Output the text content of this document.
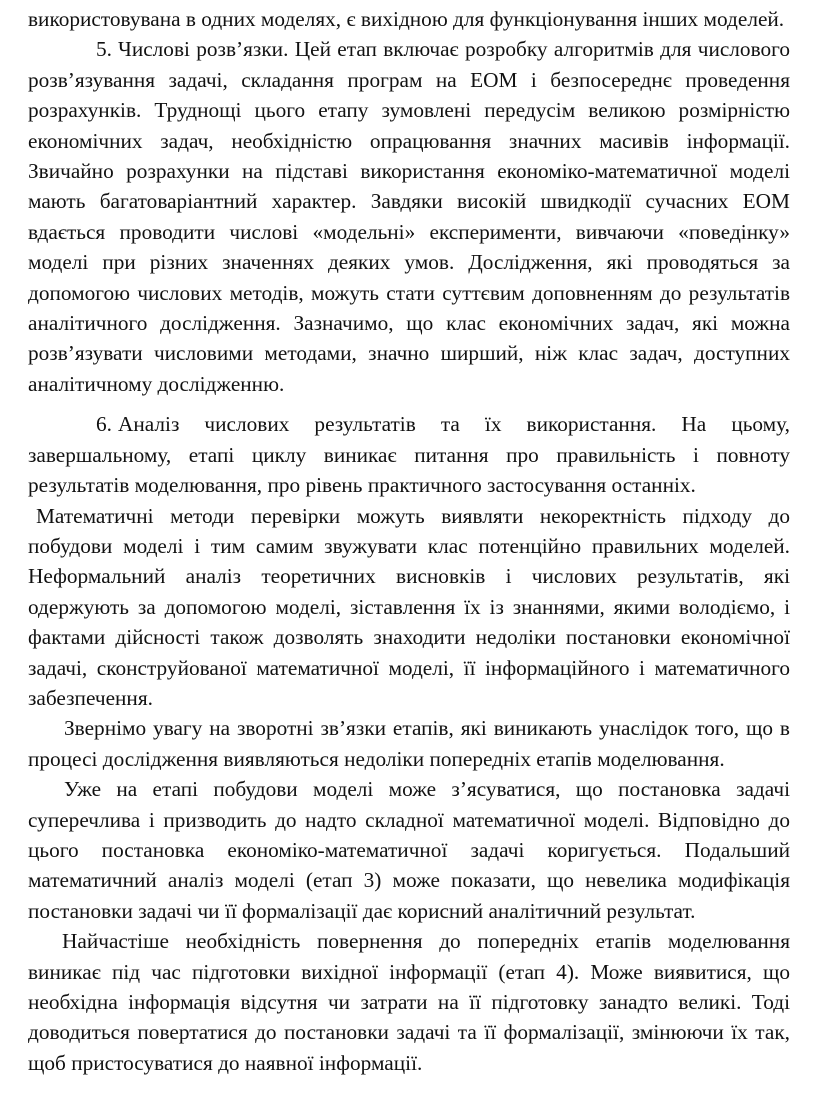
використовувана в одних моделях, є вихідною для функціонування інших моделей.

5. Числові розв’язки. Цей етап включає розробку алгоритмів для числового розв’язування задачі, складання програм на ЕОМ і безпосереднє проведення розрахунків. Труднощі цього етапу зумовлені передусім великою розмірністю економічних задач, необхідністю опрацювання значних масивів інформації. Звичайно розрахунки на підставі використання економіко-математичної моделі мають багатоваріантний характер. Завдяки високій швидкодії сучасних ЕОМ вдається проводити числові «модельні» експерименти, вивчаючи «поведінку» моделі при різних значеннях деяких умов. Дослідження, які проводяться за допомогою числових методів, можуть стати суттєвим доповненням до результатів аналітичного дослідження. Зазначимо, що клас економічних задач, які можна розв’язувати числовими методами, значно ширший, ніж клас задач, доступних аналітичному дослідженню.

6. Аналіз числових результатів та їх використання. На цьому, завершальному, етапі циклу виникає питання про правильність і повноту результатів моделювання, про рівень практичного застосування останніх.

Математичні методи перевірки можуть виявляти некоректність підходу до побудови моделі і тим самим звужувати клас потенційно правильних моделей. Неформальний аналіз теоретичних висновків і числових результатів, які одержують за допомогою моделі, зіставлення їх із знаннями, якими володіємо, і фактами дійсності також дозволять знаходити недоліки постановки економічної задачі, сконструйованої математичної моделі, її інформаційного і математичного забезпечення.

Звернімо увагу на зворотні зв’язки етапів, які виникають унаслідок того, що в процесі дослідження виявляються недоліки попередніх етапів моделювання.

Уже на етапі побудови моделі може з’ясуватися, що постановка задачі суперечлива і призводить до надто складної математичної моделі. Відповідно до цього постановка економіко-математичної задачі коригується. Подальший математичний аналіз моделі (етап 3) може показати, що невелика модифікація постановки задачі чи її формалізації дає корисний аналітичний результат.

Найчастіше необхідність повернення до попередніх етапів моделювання виникає під час підготовки вихідної інформації (етап 4). Може виявитися, що необхідна інформація відсутня чи затрати на її підготовку занадто великі. Тоді доводиться повертатися до постановки задачі та її формалізації, змінюючи їх так, щоб пристосуватися до наявної інформації.
